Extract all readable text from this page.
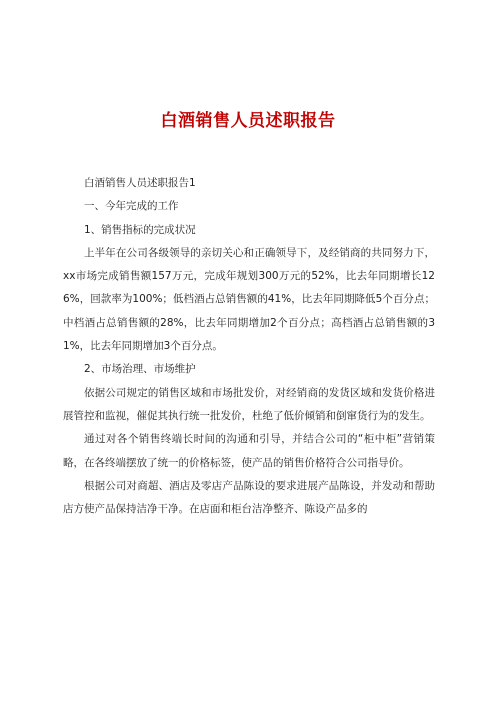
白酒销售人员述职报告

白酒销售人员述职报告1

一、今年完成的工作

1、销售指标的完成状况

上半年在公司各级领导的亲切关心和正确领导下，及经销商的共同努力下，xx市场完成销售额157万元，完成年规划300万元的52%，比去年同期增长126%，回款率为100%；低档酒占总销售额的41%，比去年同期降低5个百分点；中档酒占总销售额的28%，比去年同期增加2个百分点；高档酒占总销售额的31%，比去年同期增加3个百分点。

2、市场治理、市场维护

依据公司规定的销售区域和市场批发价，对经销商的发货区域和发货价格进展管控和监视，催促其执行统一批发价，杜绝了低价倾销和倒窜货行为的发生。

通过对各个销售终端长时间的沟通和引导，并结合公司的“柜中柜”营销策略，在各终端摆放了统一的价格标签，使产品的销售价格符合公司指导价。

根据公司对商超、酒店及零店产品陈设的要求进展产品陈设，并发动和帮助店方使产品保持洁净干净。在店面和柜台洁净整齐、陈设产品多的
